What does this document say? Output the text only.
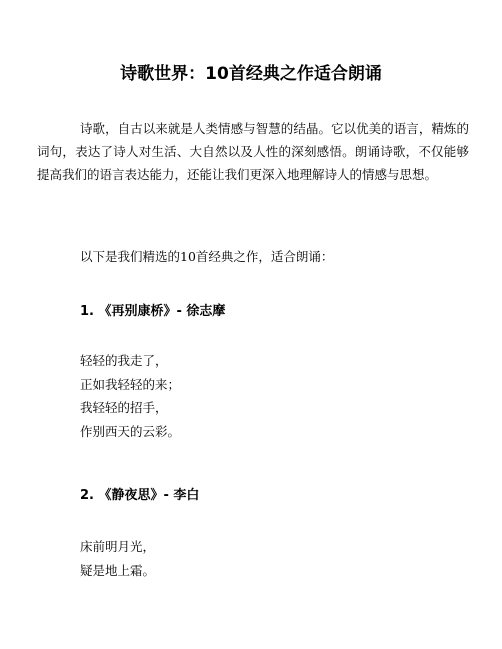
诗歌世界：10首经典之作适合朗诵

诗歌，自古以来就是人类情感与智慧的结晶。它以优美的语言，精炼的词句，表达了诗人对生活、大自然以及人性的深刻感悟。朗诵诗歌，不仅能够提高我们的语言表达能力，还能让我们更深入地理解诗人的情感与思想。

以下是我们精选的10首经典之作，适合朗诵：

1. 《再别康桥》- 徐志摩
轻轻的我走了，
正如我轻轻的来；
我轻轻的招手，
作别西天的云彩。
2. 《静夜思》- 李白
床前明月光，
疑是地上霜。
